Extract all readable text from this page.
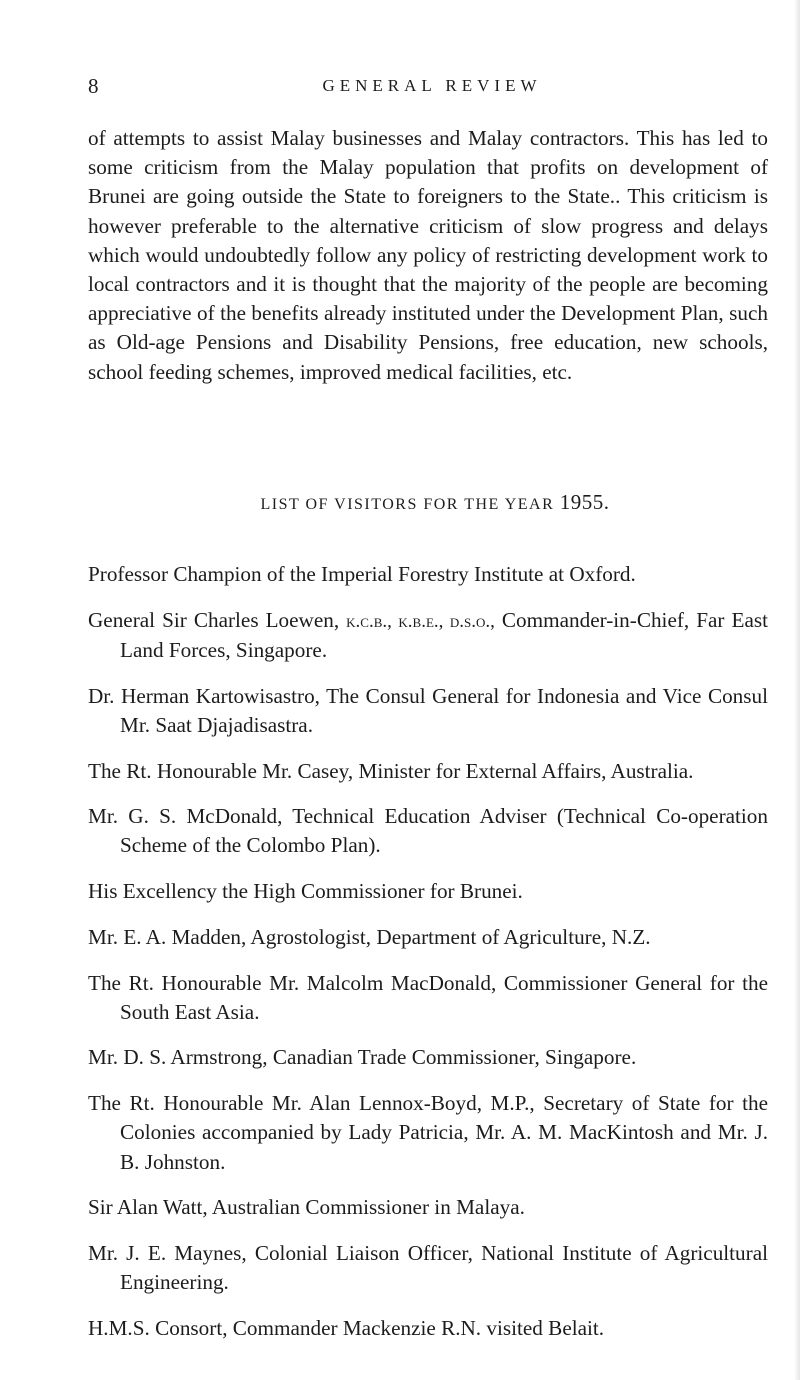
8	GENERAL REVIEW

of attempts to assist Malay businesses and Malay contractors. This has led to some criticism from the Malay population that profits on development of Brunei are going outside the State to foreigners to the State.. This criticism is however preferable to the alternative criticism of slow progress and delays which would undoubtedly follow any policy of restricting development work to local contractors and it is thought that the majority of the people are becoming appreciative of the benefits already instituted under the Development Plan, such as Old-age Pensions and Disability Pensions, free education, new schools, school feeding schemes, improved medical facilities, etc.

LIST OF VISITORS FOR THE YEAR 1955.
Professor Champion of the Imperial Forestry Institute at Oxford.
General Sir Charles Loewen, k.c.b., k.b.e., d.s.o., Commander-in-Chief, Far East Land Forces, Singapore.
Dr. Herman Kartowisastro, The Consul General for Indonesia and Vice Consul Mr. Saat Djajadisastra.
The Rt. Honourable Mr. Casey, Minister for External Affairs, Australia.
Mr. G. S. McDonald, Technical Education Adviser (Technical Co-operation Scheme of the Colombo Plan).
His Excellency the High Commissioner for Brunei.
Mr. E. A. Madden, Agrostologist, Department of Agriculture, N.Z.
The Rt. Honourable Mr. Malcolm MacDonald, Commissioner General for the South East Asia.
Mr. D. S. Armstrong, Canadian Trade Commissioner, Singapore.
The Rt. Honourable Mr. Alan Lennox-Boyd, M.P., Secretary of State for the Colonies accompanied by Lady Patricia, Mr. A. M. MacKintosh and Mr. J. B. Johnston.
Sir Alan Watt, Australian Commissioner in Malaya.
Mr. J. E. Maynes, Colonial Liaison Officer, National Institute of Agricultural Engineering.
H.M.S. Consort, Commander Mackenzie R.N. visited Belait.
